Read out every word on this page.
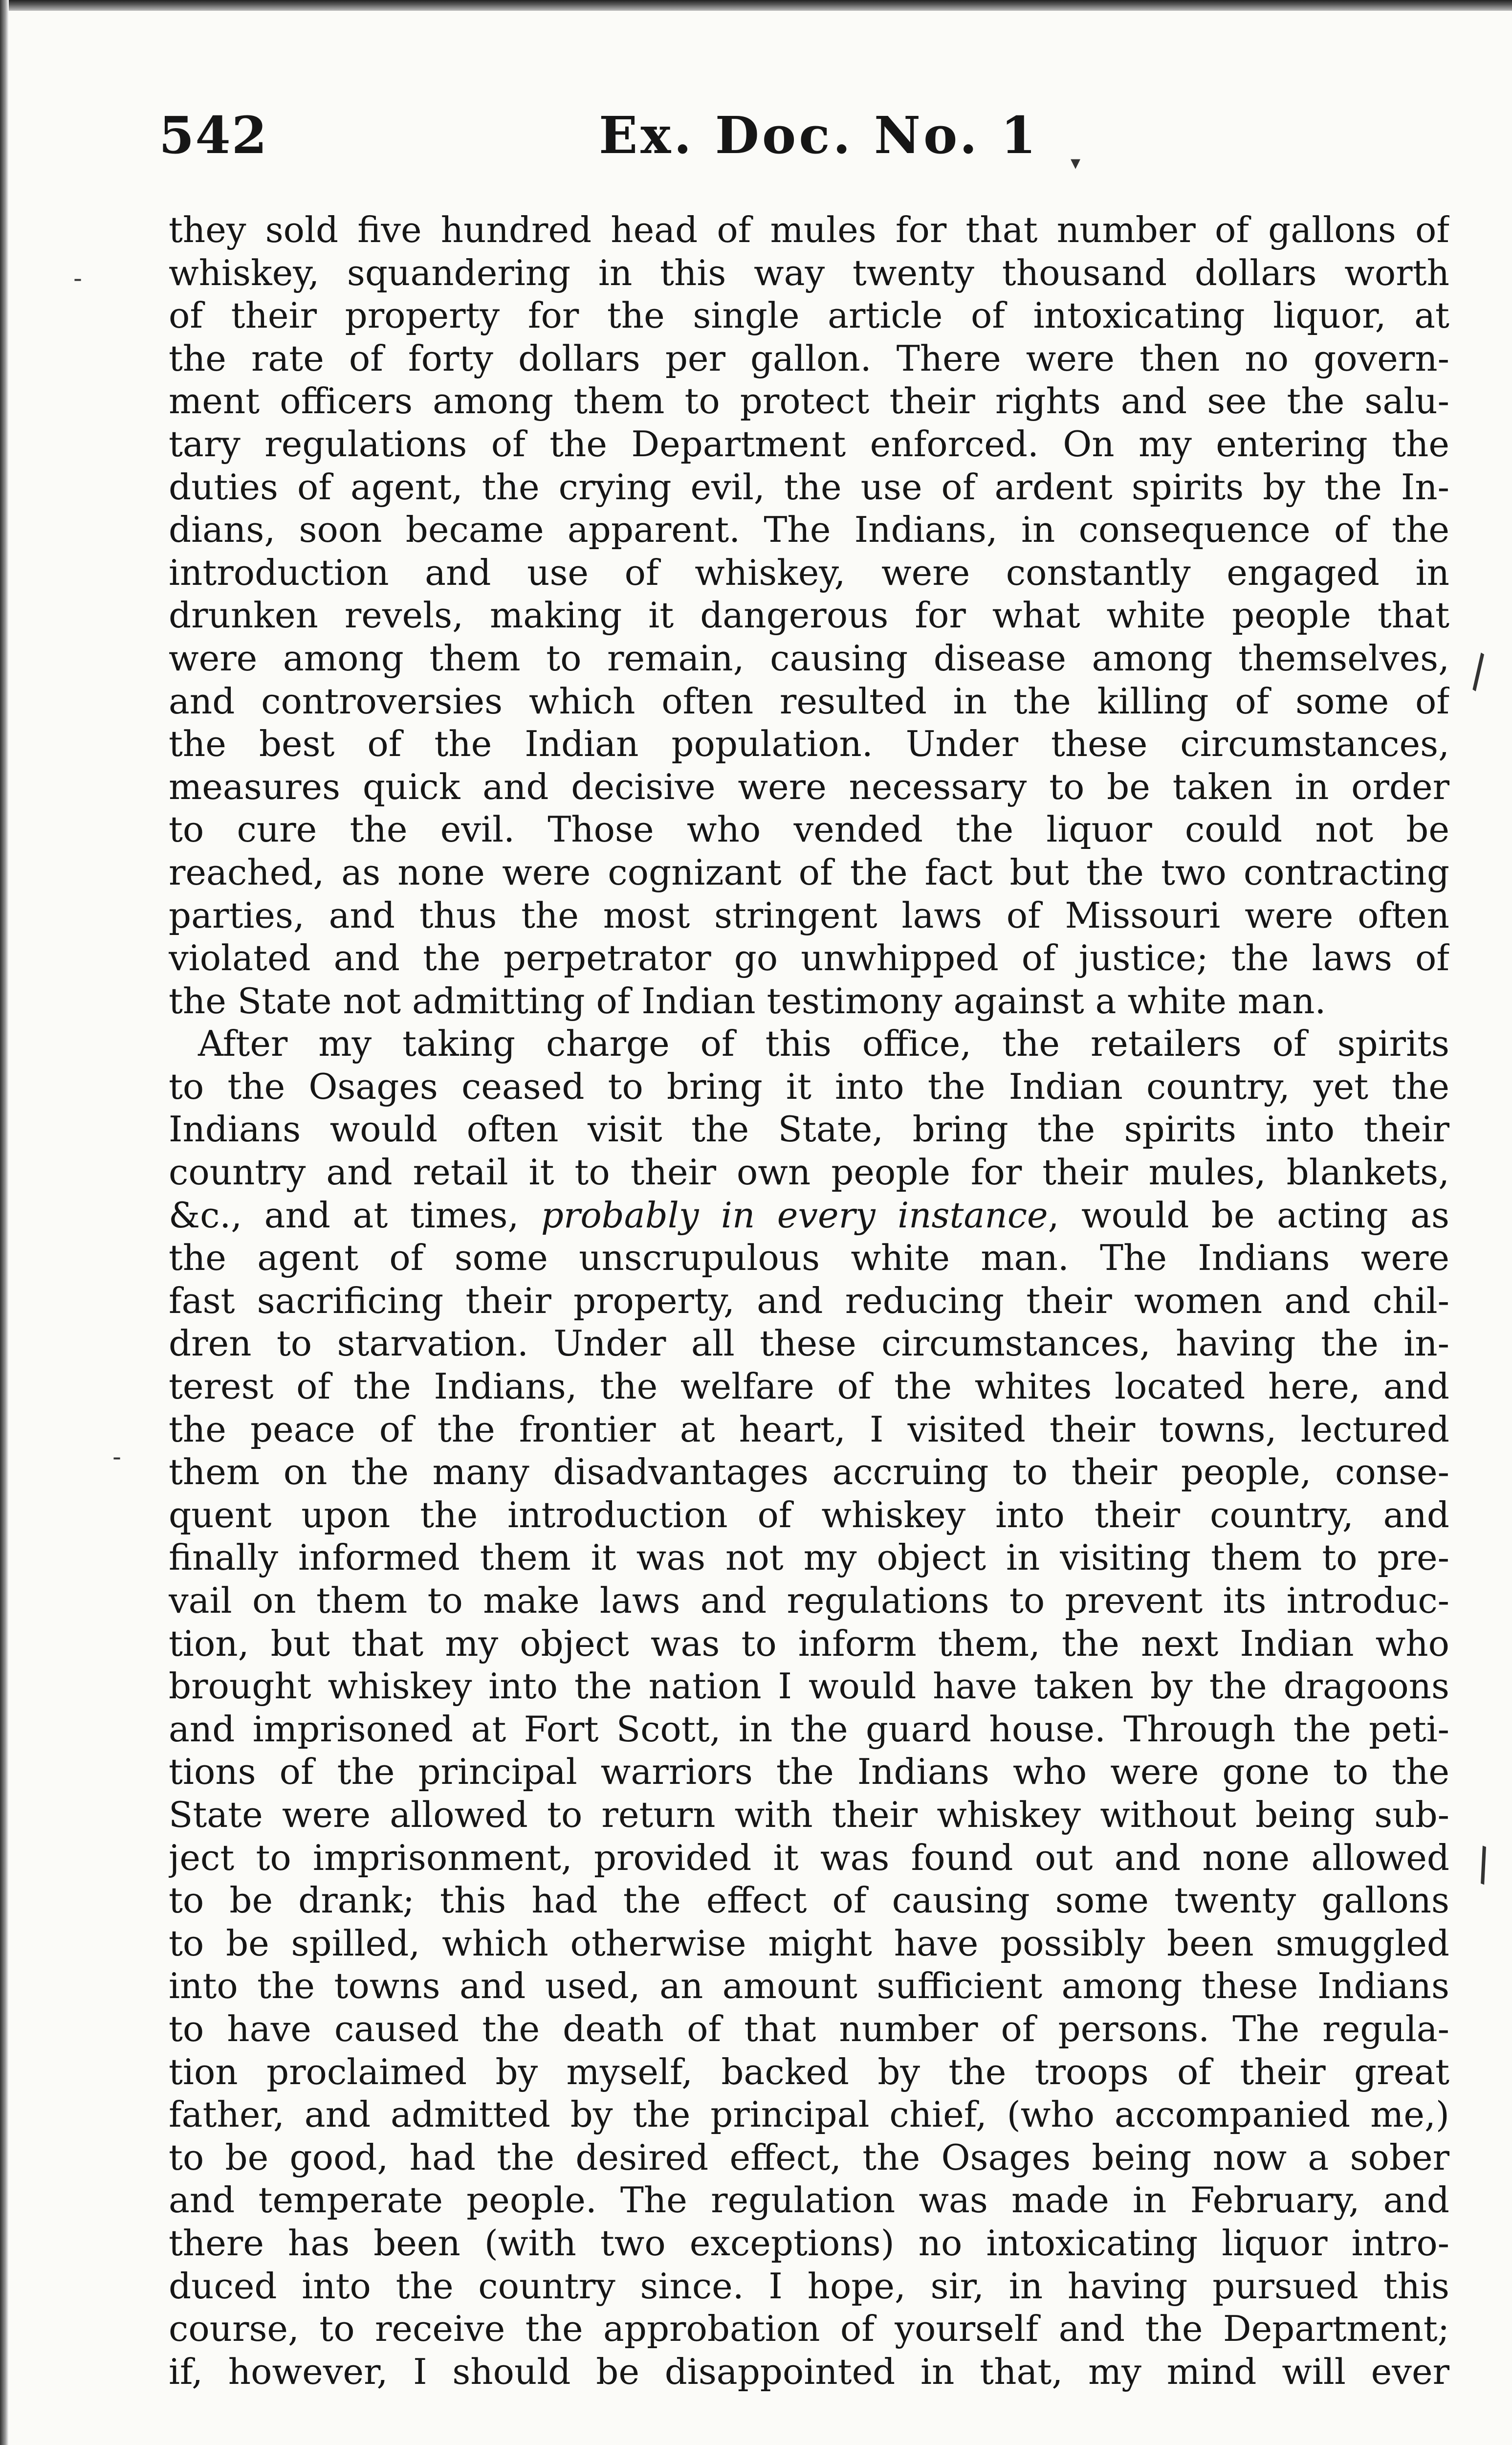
542	Ex. Doc. No. 1
they sold five hundred head of mules for that number of gallons of
whiskey, squandering in this way twenty thousand dollars worth
of their property for the single article of intoxicating liquor, at
the rate of forty dollars per gallon. There were then no govern-
ment officers among them to protect their rights and see the salu-
tary regulations of the Department enforced. On my entering the
duties of agent, the crying evil, the use of ardent spirits by the In-
dians, soon became apparent. The Indians, in consequence of the
introduction and use of whiskey, were constantly engaged in
drunken revels, making it dangerous for what white people that
were among them to remain, causing disease among themselves,
and controversies which often resulted in the killing of some of
the best of the Indian population. Under these circumstances,
measures quick and decisive were necessary to be taken in order
to cure the evil. Those who vended the liquor could not be
reached, as none were cognizant of the fact but the two contracting
parties, and thus the most stringent laws of Missouri were often
violated and the perpetrator go unwhipped of justice; the laws of
the State not admitting of Indian testimony against a white man.
After my taking charge of this office, the retailers of spirits
to the Osages ceased to bring it into the Indian country, yet the
Indians would often visit the State, bring the spirits into their
country and retail it to their own people for their mules, blankets,
&c., and at times, probably in every instance, would be acting as
the agent of some unscrupulous white man. The Indians were
fast sacrificing their property, and reducing their women and chil-
dren to starvation. Under all these circumstances, having the in-
terest of the Indians, the welfare of the whites located here, and
the peace of the frontier at heart, I visited their towns, lectured
them on the many disadvantages accruing to their people, conse-
quent upon the introduction of whiskey into their country, and
finally informed them it was not my object in visiting them to pre-
vail on them to make laws and regulations to prevent its introduc-
tion, but that my object was to inform them, the next Indian who
brought whiskey into the nation I would have taken by the dragoons
and imprisoned at Fort Scott, in the guard house. Through the peti-
tions of the principal warriors the Indians who were gone to the
State were allowed to return with their whiskey without being sub-
ject to imprisonment, provided it was found out and none allowed
to be drank; this had the effect of causing some twenty gallons
to be spilled, which otherwise might have possibly been smuggled
into the towns and used, an amount sufficient among these Indians
to have caused the death of that number of persons. The regula-
tion proclaimed by myself, backed by the troops of their great
father, and admitted by the principal chief, (who accompanied me,)
to be good, had the desired effect, the Osages being now a sober
and temperate people. The regulation was made in February, and
there has been (with two exceptions) no intoxicating liquor intro-
duced into the country since. I hope, sir, in having pursued this
course, to receive the approbation of yourself and the Department;
if, however, I should be disappointed in that, my mind will ever
-
\
\
-
▾
